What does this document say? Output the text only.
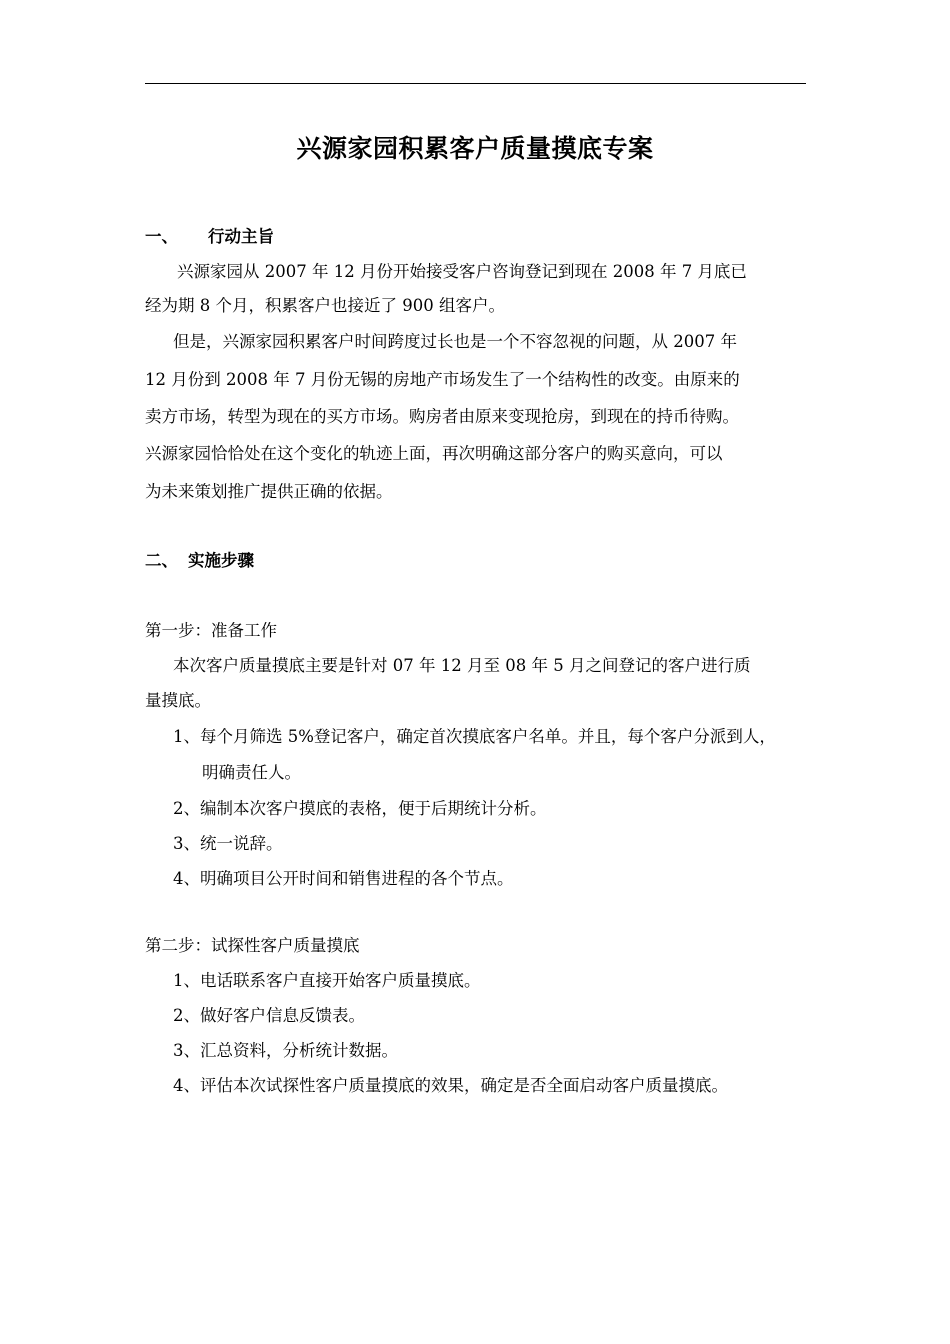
兴源家园积累客户质量摸底专案
一、 行动主旨
兴源家园从 2007 年 12 月份开始接受客户咨询登记到现在 2008 年 7 月底已
经为期 8 个月，积累客户也接近了 900 组客户。
但是，兴源家园积累客户时间跨度过长也是一个不容忽视的问题，从 2007 年
12 月份到 2008 年 7 月份无锡的房地产市场发生了一个结构性的改变。由原来的
卖方市场，转型为现在的买方市场。购房者由原来变现抢房，到现在的持币待购。
兴源家园恰恰处在这个变化的轨迹上面，再次明确这部分客户的购买意向，可以
为未来策划推广提供正确的依据。
二、 实施步骤
第一步：准备工作
本次客户质量摸底主要是针对 07 年 12 月至 08 年 5 月之间登记的客户进行质
量摸底。
1、每个月筛选 5%登记客户，确定首次摸底客户名单。并且，每个客户分派到人，
明确责任人。
2、编制本次客户摸底的表格，便于后期统计分析。
3、统一说辞。
4、明确项目公开时间和销售进程的各个节点。
第二步：试探性客户质量摸底
1、电话联系客户直接开始客户质量摸底。
2、做好客户信息反馈表。
3、汇总资料，分析统计数据。
4、评估本次试探性客户质量摸底的效果，确定是否全面启动客户质量摸底。
